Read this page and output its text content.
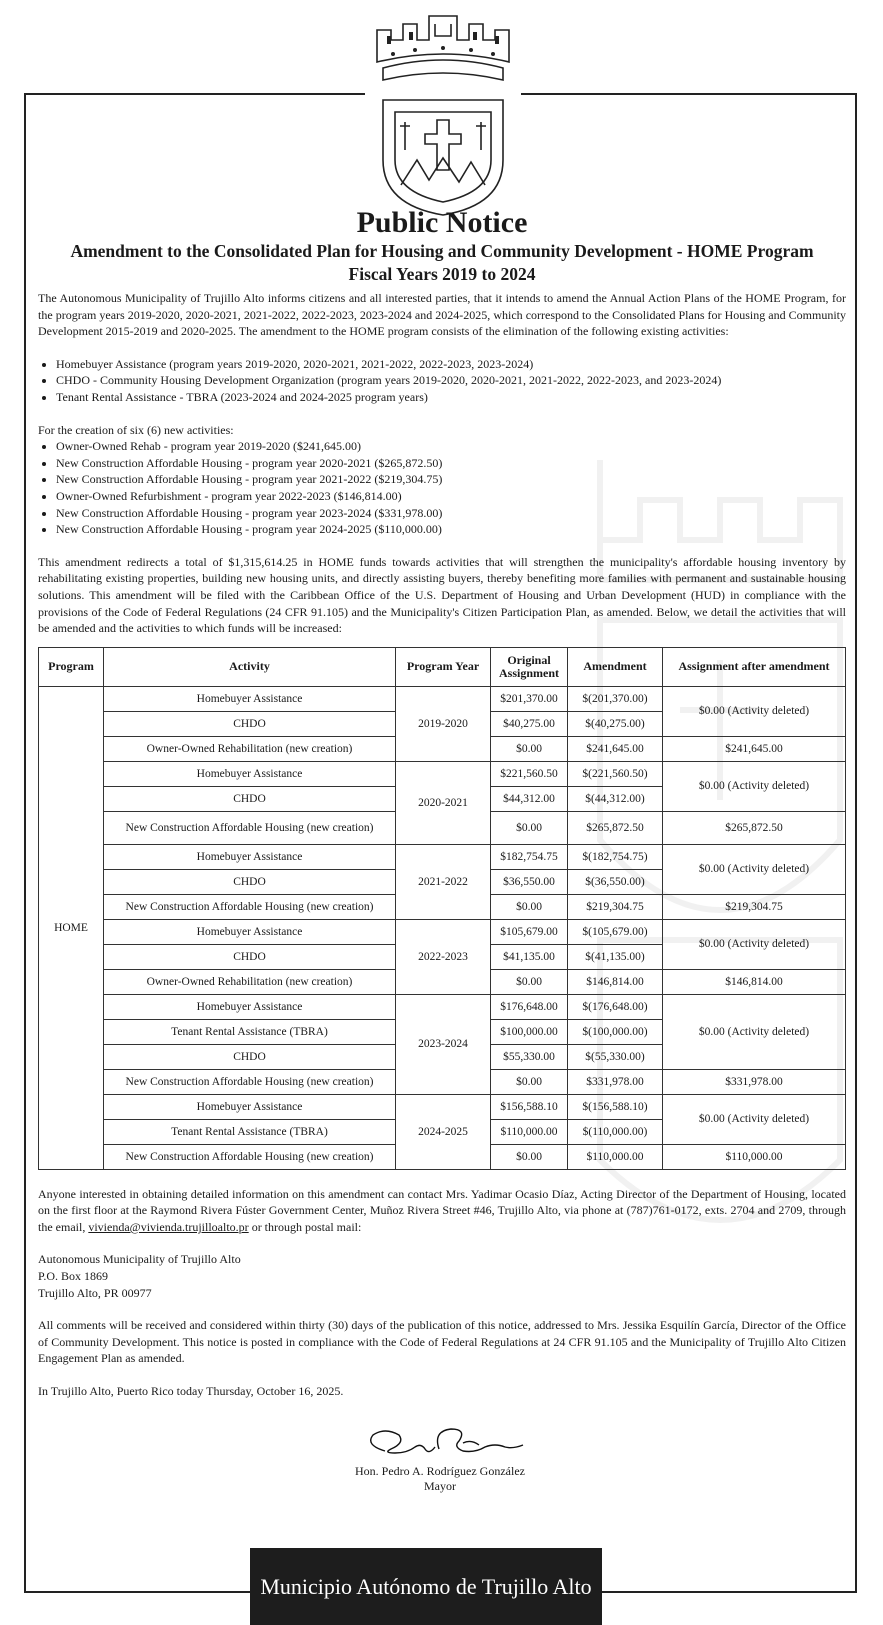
Public Notice
Amendment to the Consolidated Plan for Housing and Community Development - HOME Program
Fiscal Years 2019 to 2024

The Autonomous Municipality of Trujillo Alto informs citizens and all interested parties, that it intends to amend the Annual Action Plans of the HOME Program, for the program years 2019-2020, 2020-2021, 2021-2022, 2022-2023, 2023-2024 and 2024-2025, which correspond to the Consolidated Plans for Housing and Community Development 2015-2019 and 2020-2025. The amendment to the HOME program consists of the elimination of the following existing activities:

• Homebuyer Assistance (program years 2019-2020, 2020-2021, 2021-2022, 2022-2023, 2023-2024)
• CHDO - Community Housing Development Organization (program years 2019-2020, 2020-2021, 2021-2022, 2022-2023, and 2023-2024)
• Tenant Rental Assistance - TBRA (2023-2024 and 2024-2025 program years)

For the creation of six (6) new activities:

• Owner-Owned Rehab - program year 2019-2020 ($241,645.00)
• New Construction Affordable Housing - program year 2020-2021 ($265,872.50)
• New Construction Affordable Housing - program year 2021-2022 ($219,304.75)
• Owner-Owned Refurbishment - program year 2022-2023 ($146,814.00)
• New Construction Affordable Housing - program year 2023-2024 ($331,978.00)
• New Construction Affordable Housing - program year 2024-2025 ($110,000.00)

This amendment redirects a total of $1,315,614.25 in HOME funds towards activities that will strengthen the municipality's affordable housing inventory by rehabilitating existing properties, building new housing units, and directly assisting buyers, thereby benefiting more families with permanent and sustainable housing solutions. This amendment will be filed with the Caribbean Office of the U.S. Department of Housing and Urban Development (HUD) in compliance with the provisions of the Code of Federal Regulations (24 CFR 91.105) and the Municipality's Citizen Participation Plan, as amended. Below, we detail the activities that will be amended and the activities to which funds will be increased:

Program	Activity	Program Year	Original Assignment	Amendment	Assignment after amendment
HOME	Homebuyer Assistance	2019-2020	$201,370.00	$(201,370.00)	$0.00 (Activity deleted)
	CHDO		$40,275.00	$(40,275.00)	
	Owner-Owned Rehabilitation (new creation)		$0.00	$241,645.00	$241,645.00
	Homebuyer Assistance	2020-2021	$221,560.50	$(221,560.50)	$0.00 (Activity deleted)
	CHDO		$44,312.00	$(44,312.00)	
	New Construction Affordable Housing (new creation)		$0.00	$265,872.50	$265,872.50
	Homebuyer Assistance	2021-2022	$182,754.75	$(182,754.75)	$0.00 (Activity deleted)
	CHDO		$36,550.00	$(36,550.00)	
	New Construction Affordable Housing (new creation)		$0.00	$219,304.75	$219,304.75
	Homebuyer Assistance	2022-2023	$105,679.00	$(105,679.00)	$0.00 (Activity deleted)
	CHDO		$41,135.00	$(41,135.00)	
	Owner-Owned Rehabilitation (new creation)		$0.00	$146,814.00	$146,814.00
	Homebuyer Assistance	2023-2024	$176,648.00	$(176,648.00)	$0.00 (Activity deleted)
	Tenant Rental Assistance (TBRA)		$100,000.00	$(100,000.00)	
	CHDO		$55,330.00	$(55,330.00)	
	New Construction Affordable Housing (new creation)		$0.00	$331,978.00	$331,978.00
	Homebuyer Assistance	2024-2025	$156,588.10	$(156,588.10)	$0.00 (Activity deleted)
	Tenant Rental Assistance (TBRA)		$110,000.00	$(110,000.00)	
	New Construction Affordable Housing (new creation)		$0.00	$110,000.00	$110,000.00

Anyone interested in obtaining detailed information on this amendment can contact Mrs. Yadimar Ocasio Díaz, Acting Director of the Department of Housing, located on the first floor at the Raymond Rivera Fúster Government Center, Muñoz Rivera Street #46, Trujillo Alto, via phone at (787)761-0172, exts. 2704 and 2709, through the email, vivienda@vivienda.trujilloalto.pr or through postal mail:

Autonomous Municipality of Trujillo Alto

P.O. Box 1869

Trujillo Alto, PR 00977

All comments will be received and considered within thirty (30) days of the publication of this notice, addressed to Mrs. Jessika Esquilín García, Director of the Office of Community Development. This notice is posted in compliance with the Code of Federal Regulations at 24 CFR 91.105 and the Municipality of Trujillo Alto Citizen Engagement Plan as amended.

In Trujillo Alto, Puerto Rico today Thursday, October 16, 2025.

Hon. Pedro A. Rodríguez González
Mayor
Municipio Autónomo de Trujillo Alto
